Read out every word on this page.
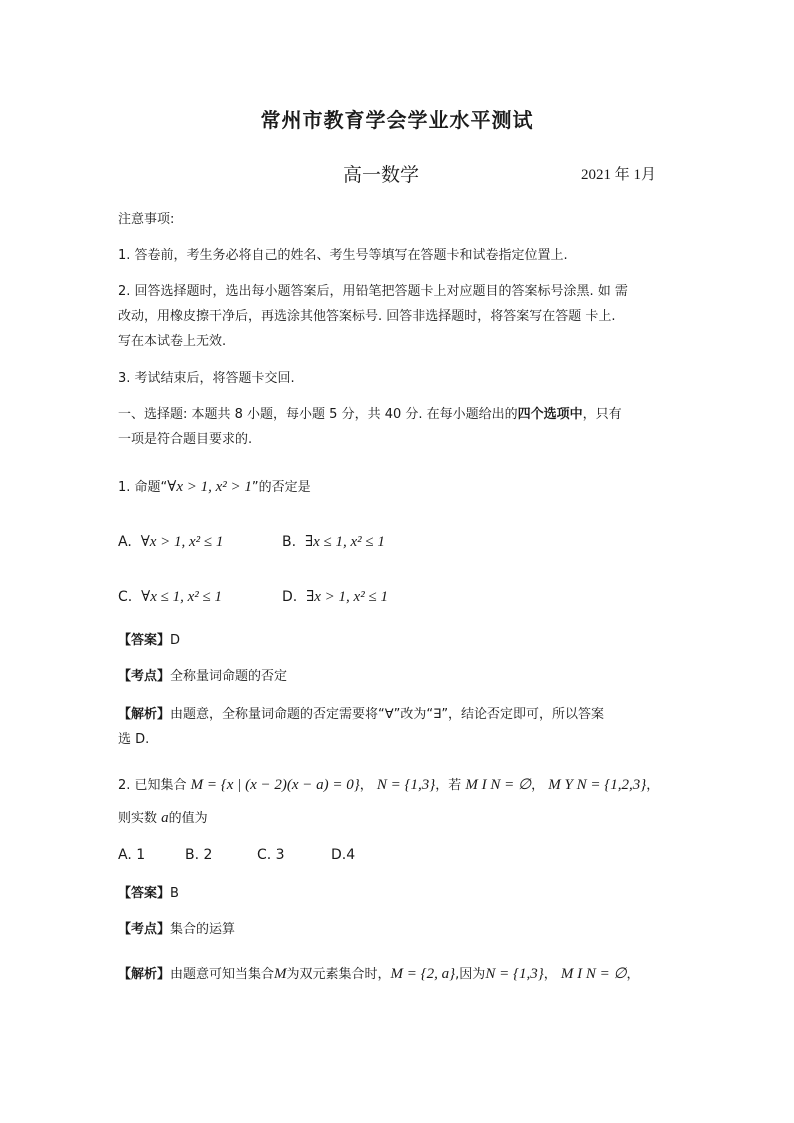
常州市教育学会学业水平测试
高一数学	2021 年 1月
注意事项:
1. 答卷前，考生务必将自己的姓名、考生号等填写在答题卡和试卷指定位置上.
2. 回答选择题时，选出每小题答案后，用铅笔把答题卡上对应题目的答案标号涂黑. 如 需
改动，用橡皮擦干净后，再选涂其他答案标号. 回答非选择题时，将答案写在答题 卡上.
写在本试卷上无效.
3. 考试结束后，将答题卡交回.
一、选择题: 本题共 8 小题，每小题 5 分，共 40 分. 在每小题给出的四个选项中，只有
一项是符合题目要求的.
1. 命题“∀x > 1, x² > 1”的否定是
A. ∀x > 1, x² ≤ 1	B. ∃x ≤ 1, x² ≤ 1
C. ∀x ≤ 1, x² ≤ 1	D. ∃x > 1, x² ≤ 1
【答案】D
【考点】全称量词命题的否定
【解析】由题意，全称量词命题的否定需要将“∀”改为“∃”，结论否定即可，所以答案
选 D.
2. 已知集合 M = {x | (x − 2)(x − a) = 0}， N = {1,3}，若 M I N = ∅， M Y N = {1,2,3}，
则实数 a的值为
A. 1	B. 2	C. 3	D.4
【答案】B
【考点】集合的运算
【解析】由题意可知当集合M为双元素集合时，M = {2, a},因为N = {1,3}， M I N = ∅，
